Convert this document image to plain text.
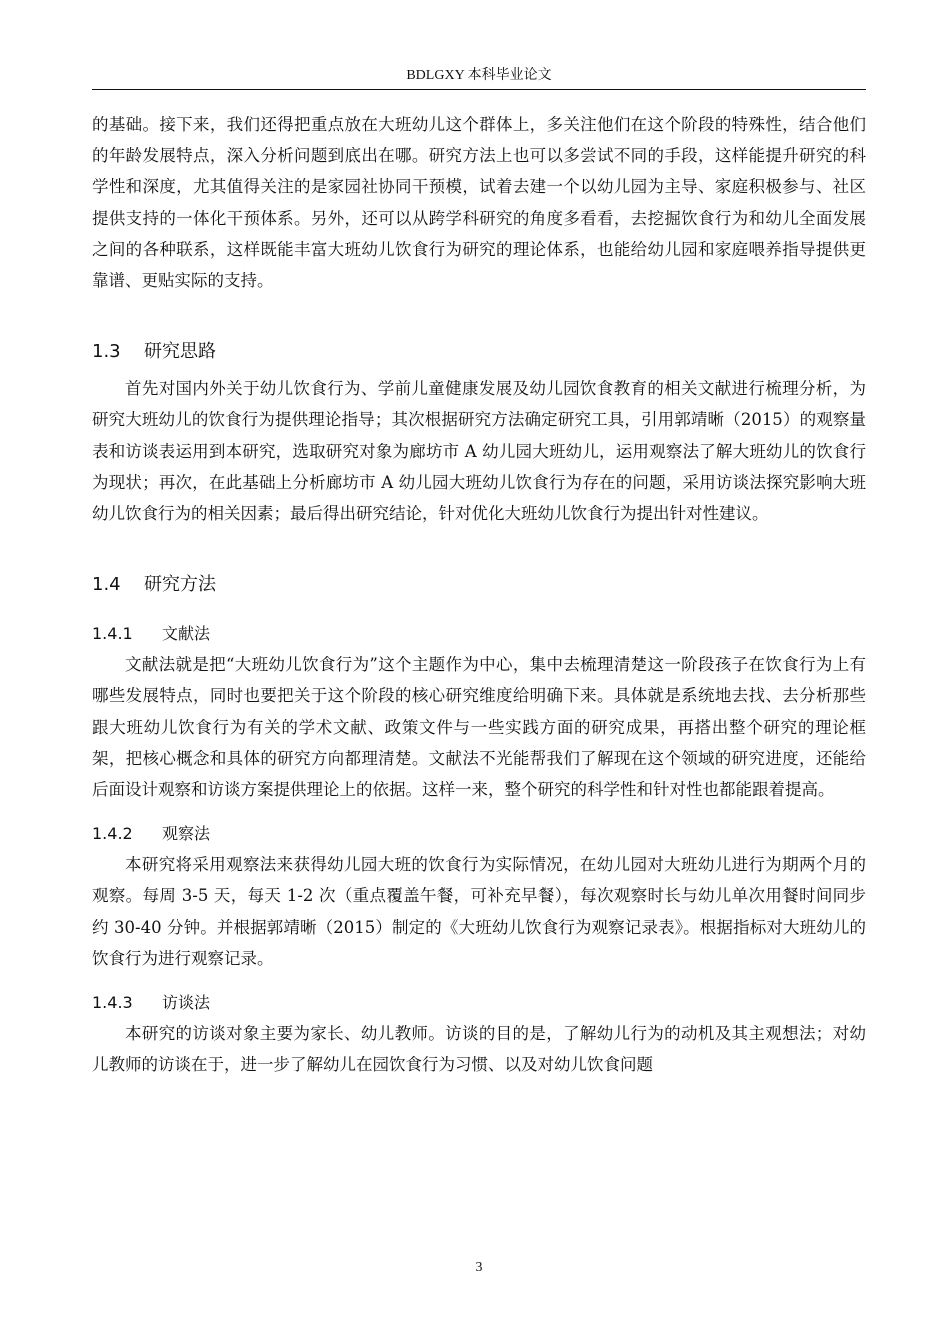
BDLGXY 本科毕业论文

的基础。接下来，我们还得把重点放在大班幼儿这个群体上，多关注他们在这个阶段的特殊性，结合他们的年龄发展特点，深入分析问题到底出在哪。研究方法上也可以多尝试不同的手段，这样能提升研究的科学性和深度，尤其值得关注的是家园社协同干预模，试着去建一个以幼儿园为主导、家庭积极参与、社区提供支持的一体化干预体系。另外，还可以从跨学科研究的角度多看看，去挖掘饮食行为和幼儿全面发展之间的各种联系，这样既能丰富大班幼儿饮食行为研究的理论体系，也能给幼儿园和家庭喂养指导提供更靠谱、更贴实际的支持。

1.3 研究思路

首先对国内外关于幼儿饮食行为、学前儿童健康发展及幼儿园饮食教育的相关文献进行梳理分析，为研究大班幼儿的饮食行为提供理论指导；其次根据研究方法确定研究工具，引用郭靖晰（2015）的观察量表和访谈表运用到本研究，选取研究对象为廊坊市 A 幼儿园大班幼儿，运用观察法了解大班幼儿的饮食行为现状；再次，在此基础上分析廊坊市 A 幼儿园大班幼儿饮食行为存在的问题，采用访谈法探究影响大班幼儿饮食行为的相关因素；最后得出研究结论，针对优化大班幼儿饮食行为提出针对性建议。

1.4 研究方法
1.4.1 文献法

文献法就是把“大班幼儿饮食行为”这个主题作为中心，集中去梳理清楚这一阶段孩子在饮食行为上有哪些发展特点，同时也要把关于这个阶段的核心研究维度给明确下来。具体就是系统地去找、去分析那些跟大班幼儿饮食行为有关的学术文献、政策文件与一些实践方面的研究成果，再搭出整个研究的理论框架，把核心概念和具体的研究方向都理清楚。文献法不光能帮我们了解现在这个领域的研究进度，还能给后面设计观察和访谈方案提供理论上的依据。这样一来，整个研究的科学性和针对性也都能跟着提高。

1.4.2 观察法

本研究将采用观察法来获得幼儿园大班的饮食行为实际情况，在幼儿园对大班幼儿进行为期两个月的观察。每周 3-5 天，每天 1-2 次（重点覆盖午餐，可补充早餐），每次观察时长与幼儿单次用餐时间同步约 30-40 分钟。并根据郭靖晰（2015）制定的《大班幼儿饮食行为观察记录表》。根据指标对大班幼儿的饮食行为进行观察记录。

1.4.3 访谈法

本研究的访谈对象主要为家长、幼儿教师。访谈的目的是，了解幼儿行为的动机及其主观想法；对幼儿教师的访谈在于，进一步了解幼儿在园饮食行为习惯、以及对幼儿饮食问题

3
